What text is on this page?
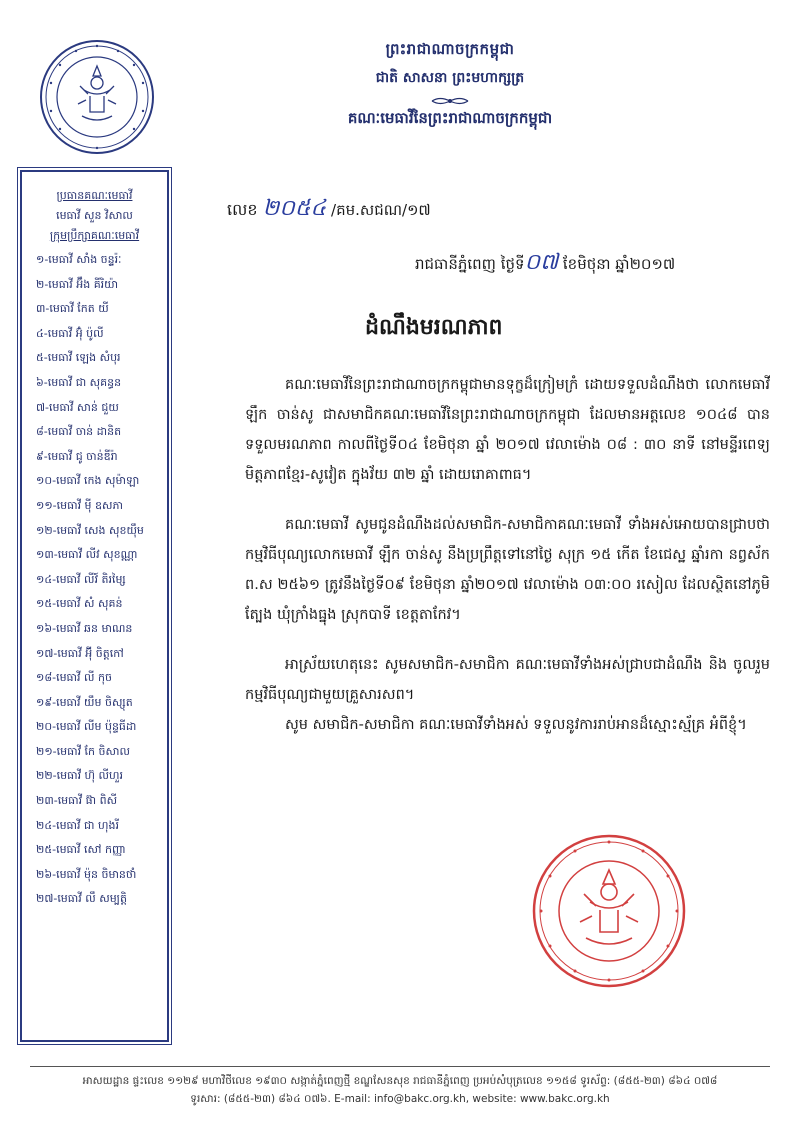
ព្រះរាជាណាចក្រកម្ពុជា
ជាតិ សាសនា ព្រះមហាក្សត្រ
គណៈមេធាវីនៃព្រះរាជាណាចក្រកម្ពុជា
ប្រធានគណៈមេធាវី
មេធាវី សួន វិសាល
ក្រុមប្រឹក្សាគណៈមេធាវី
១-មេធាវី សាំង ចន្ទ្ទរ៉ៈ
២-មេធាវី អ៊ឹង គីរិយ៉ា
៣-មេធាវី កែត យី
៤-មេធាវី អ៊ុំ ប៉ូលី
៥-មេធាវី ឡេង សំបុរ
៦-មេធាវី ជា សុគន្ធន
៧-មេធាវី សាន់ ជួយ
៨-មេធាវី ចាន់ ដានិត
៩-មេធាវី ជូ ចាន់ឌីរ៉ា
១០-មេធាវី កេង សុម៉ាឡា
១១-មេធាវី ម៉ី ឧសភា
១២-មេធាវី សេង សុខយ៉ឹម
១៣-មេធាវី លីវ សុខណ្ណា
១៤-មេធាវី លីវ៍ តិរម្សៃ
១៥-មេធាវី សំ សុគន់
១៦-មេធាវី ឆន មាណន
១៧-មេធាវី អ៊ុី ចិត្តកៅ
១៨-មេធាវី លី កុច
១៩-មេធាវី យឹម ចិស្សុត
២០-មេធាវី លីម ប៉ុន្ទធីដា
២១-មេធាវី កែ ចិសាល
២២-មេធាវី ហ៊ុ លីហួរ
២៣-មេធាវី ផ៊ា ពិសី
២៤-មេធាវី ជា ហុងរី
២៥-មេធាវី សៅ កញ្ញា
២៦-មេធាវី ម៉ុន ចិមានថាំ
២៧-មេធាវី លឹ សម្បត្តិ
លេខ ២០៥៤ /គម.សជណ/១៧
រាជធានីភ្នំពេញ ថ្ងៃទី០៧ ខែមិថុនា ឆ្នាំ២០១៧
ដំណឹងមរណភាព

គណៈមេធាវីនៃព្រះរាជាណាចក្រកម្ពុជាមានទុក្ខដ៏ក្រៀមក្រំ ដោយទទួលដំណឹងថា លោកមេធាវី ឡឹក ចាន់សូ ជាសមាជិកគណៈមេធាវីនៃព្រះរាជាណាចក្រកម្ពុជា ដែលមានអត្តលេខ ១០៤៨ បានទទួលមរណភាព កាលពីថ្ងៃទី០៤ ខែមិថុនា ឆ្នាំ ២០១៧ វេលាម៉ោង ០៨ : ៣០ នាទី នៅមន្ទីរពេទ្យមិត្តភាពខ្មែរ-សូវៀត ក្នុងវ័យ ៣២ ឆ្នាំ ដោយរោគាពាធ។

គណៈមេធាវី សូមជូនដំណឹងដល់សមាជិក-សមាជិកាគណៈមេធាវី ទាំងអស់អោយបានជ្រាបថា កម្មវិធីបុណ្យលោកមេធាវី ឡឹក ចាន់សូ នឹងប្រព្រឹត្តទៅនៅថ្ងៃ សុក្រ ១៥ កើត ខែជេស្ឋ ឆ្នាំរកា នព្វស័ក ព.ស ២៥៦១ ត្រូវនឹងថ្ងៃទី០៩ ខែមិថុនា ឆ្នាំ២០១៧ វេលាម៉ោង ០៣:០០ រសៀល ដែលស្ថិតនៅភូមិត្បែង ឃុំក្រាំងធ្នុង ស្រុកបាទី ខេត្តតាកែវ។

អាស្រ័យហេតុនេះ សូមសមាជិក-សមាជិកា គណៈមេធាវីទាំងអស់ជ្រាបជាដំណឹង និង ចូលរួមកម្មវិធីបុណ្យជាមួយគ្រួសារសព។

សូម សមាជិក-សមាជិកា គណៈមេធាវីទាំងអស់ ទទួលនូវការរាប់អានដ៏ស្មោះស្ម័គ្រ អំពីខ្ញុំ។

អាសយដ្ឋាន ផ្ទះលេខ ១១២៩ មហាវិថីលេខ ១៩៣០ សង្កាត់ភ្នំពេញថ្មី ខណ្ឌសែនសុខ រាជធានីភ្នំពេញ ប្រអប់សំបុត្រលេខ ១១៥៨ ទូរស័ព្ទ: (៨៥៥-២៣) ៨៦៤ ០៧៨
ទូរសារ: (៨៥៥-២៣) ៨៦៤ ០៧៦. E-mail: info@bakc.org.kh, website: www.bakc.org.kh
